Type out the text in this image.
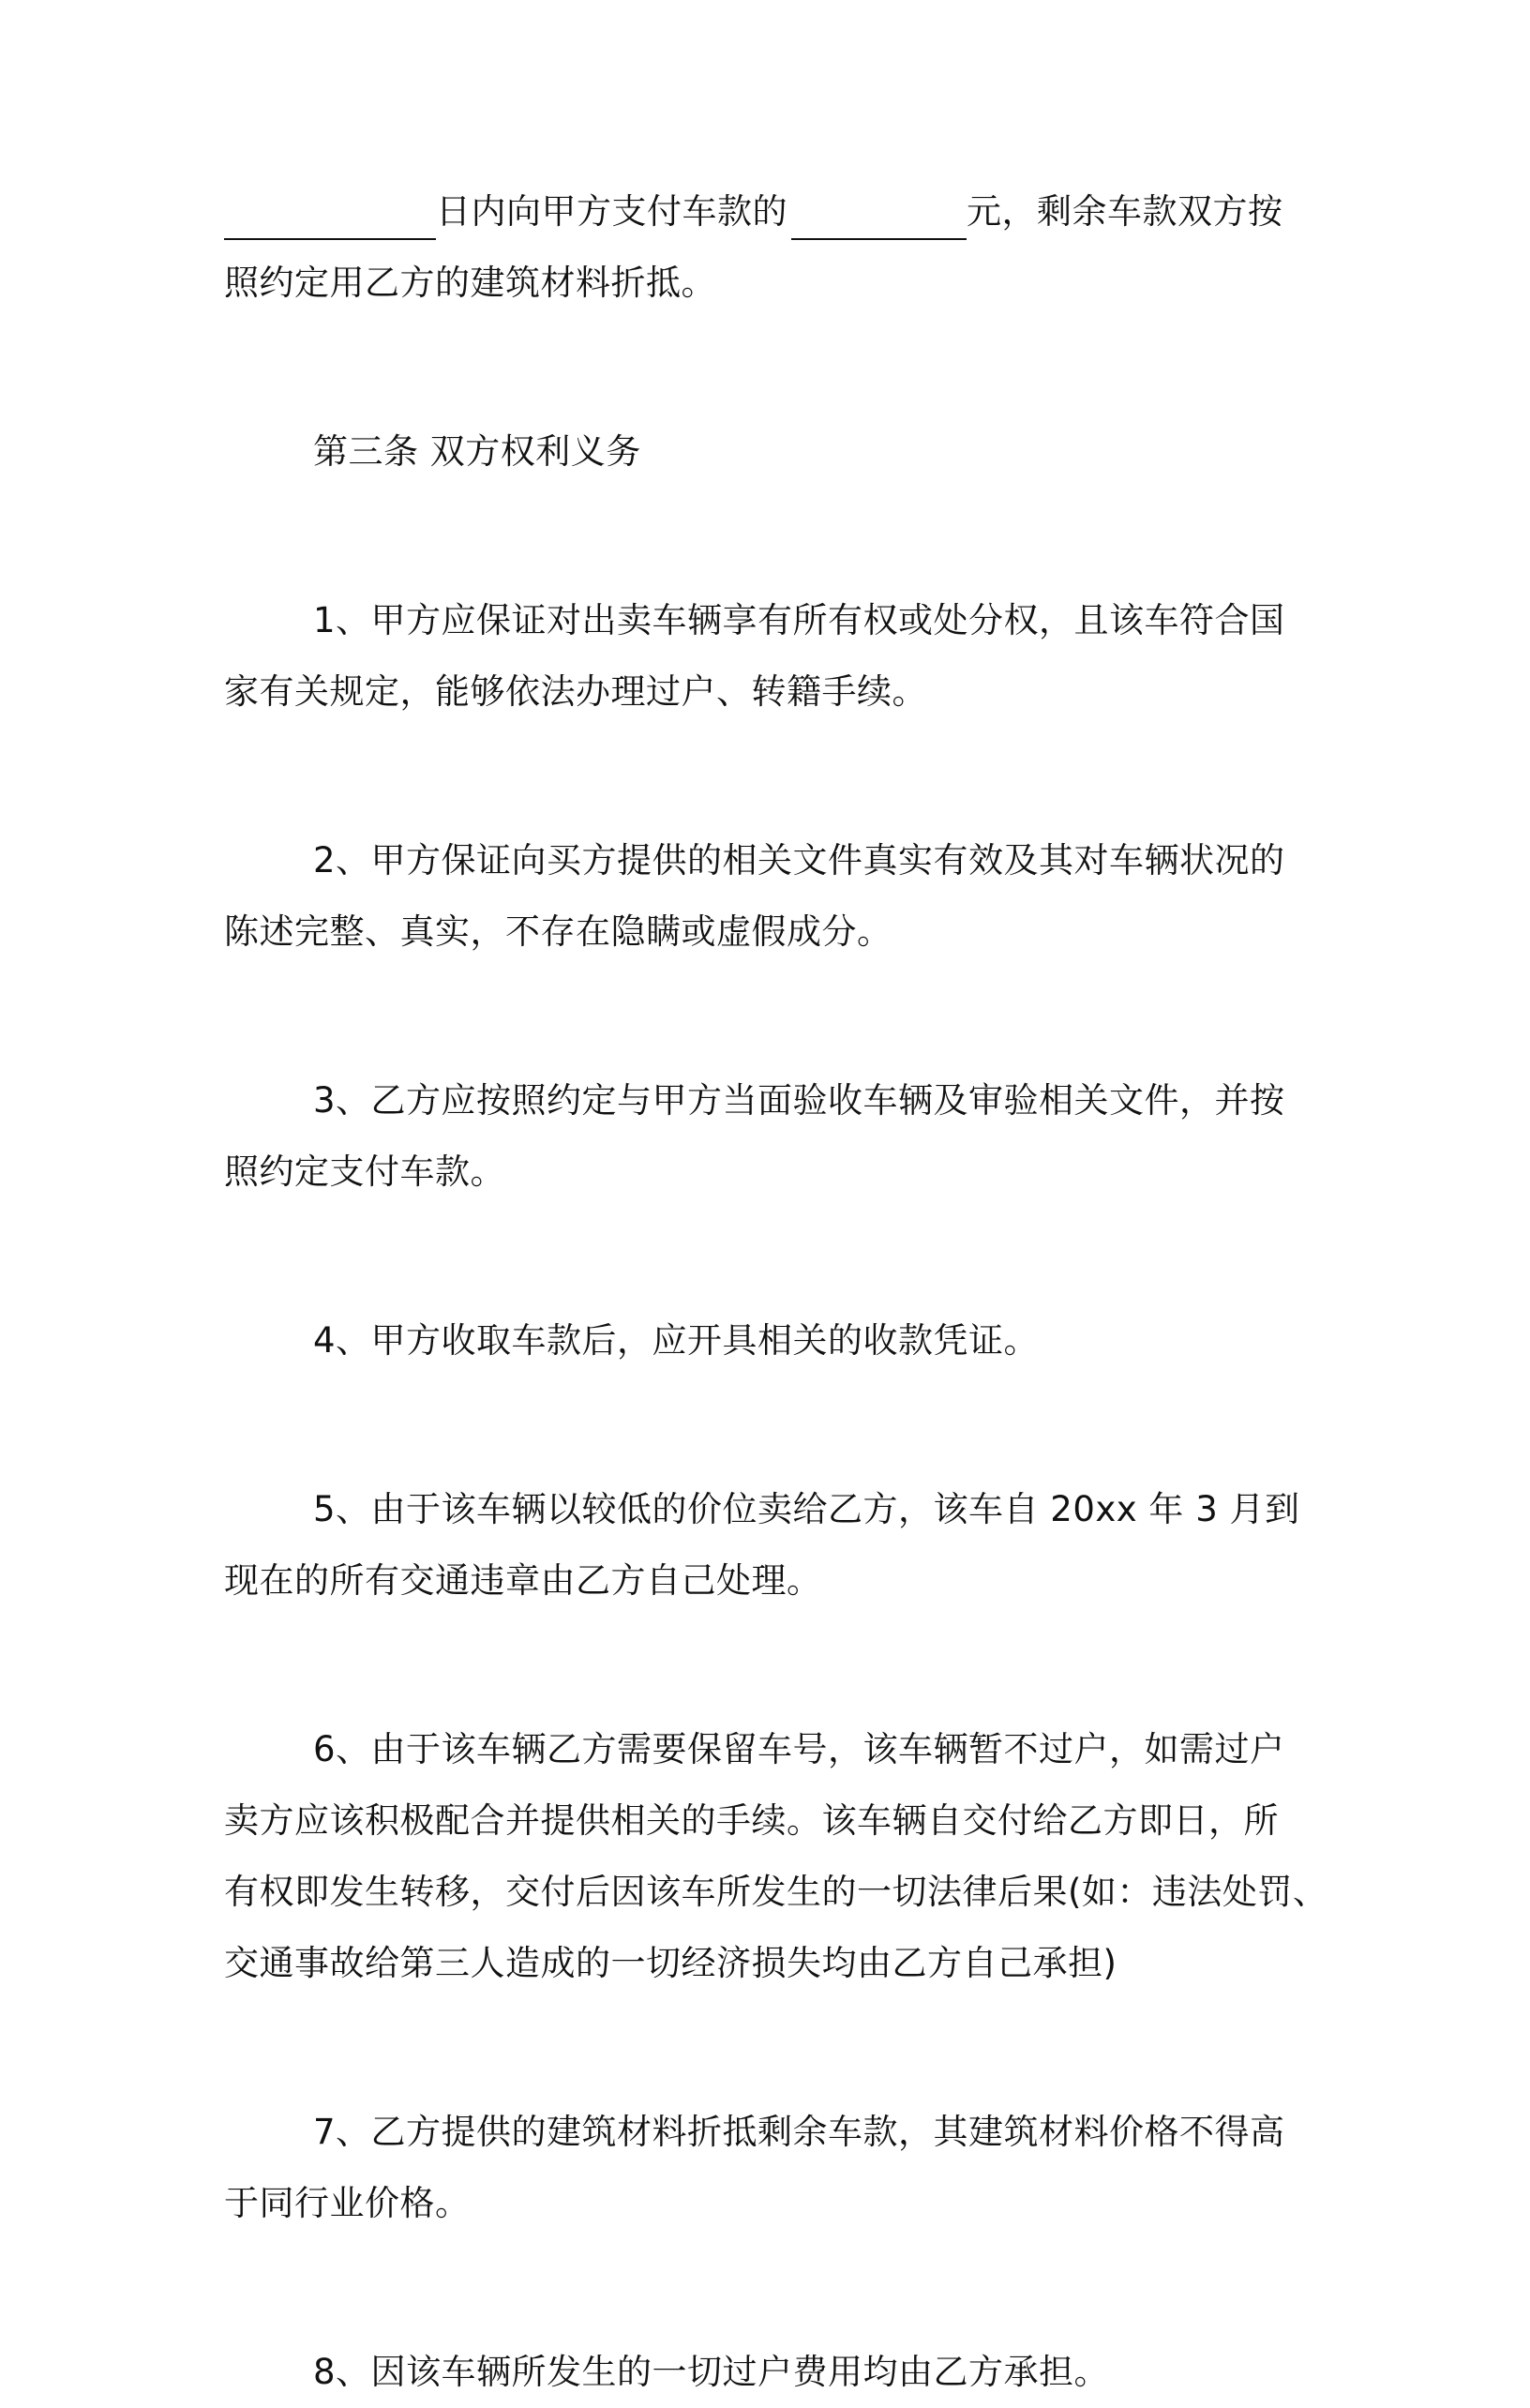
日内向甲方支付车款的	元，剩余车款双方按
照约定用乙方的建筑材料折抵。
第三条 双方权利义务
1、甲方应保证对出卖车辆享有所有权或处分权，且该车符合国
家有关规定，能够依法办理过户、转籍手续。
2、甲方保证向买方提供的相关文件真实有效及其对车辆状况的
陈述完整、真实，不存在隐瞒或虚假成分。
3、乙方应按照约定与甲方当面验收车辆及审验相关文件，并按
照约定支付车款。
4、甲方收取车款后，应开具相关的收款凭证。
5、由于该车辆以较低的价位卖给乙方，该车自 20xx 年 3 月到
现在的所有交通违章由乙方自己处理。
6、由于该车辆乙方需要保留车号，该车辆暂不过户，如需过户
卖方应该积极配合并提供相关的手续。该车辆自交付给乙方即日，所
有权即发生转移，交付后因该车所发生的一切法律后果(如：违法处罚、
交通事故给第三人造成的一切经济损失均由乙方自己承担)
7、乙方提供的建筑材料折抵剩余车款，其建筑材料价格不得高
于同行业价格。
8、因该车辆所发生的一切过户费用均由乙方承担。
